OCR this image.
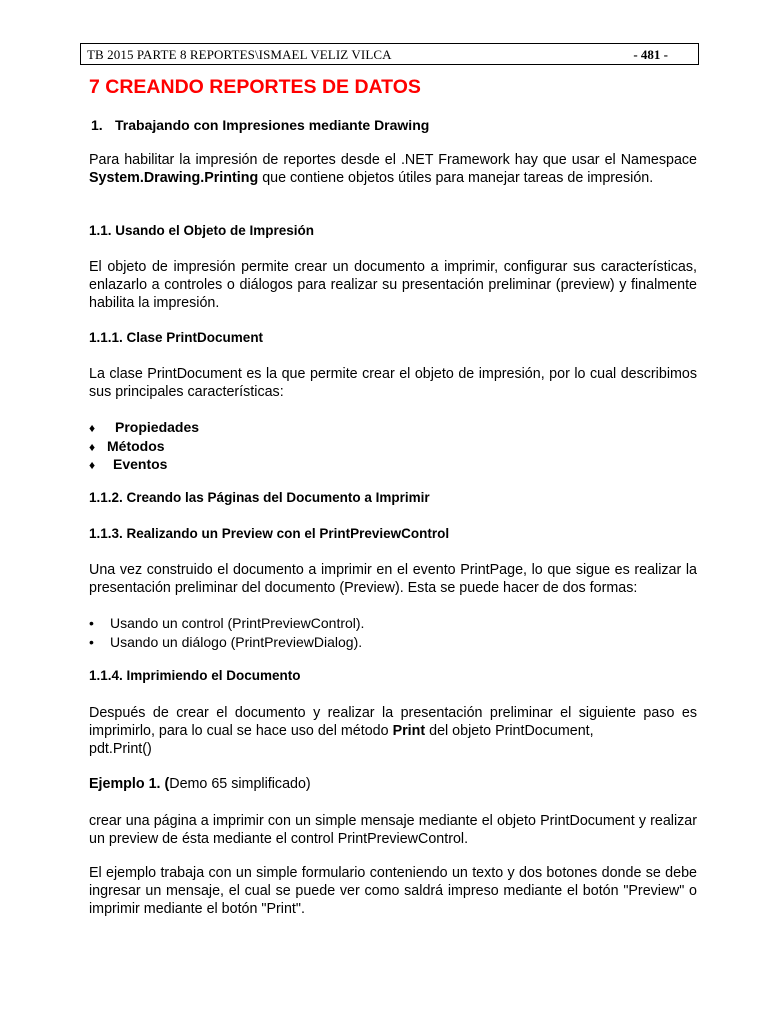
TB 2015 PARTE 8 REPORTES\ISMAEL VELIZ VILCA	- 481 -
7 CREANDO REPORTES DE DATOS
1. Trabajando con Impresiones mediante Drawing

Para habilitar la impresión de reportes desde el .NET Framework hay que usar el Namespace System.Drawing.Printing que contiene objetos útiles para manejar tareas de impresión.

1.1. Usando el Objeto de Impresión

El objeto de impresión permite crear un documento a imprimir, configurar sus características, enlazarlo a controles o diálogos para realizar su presentación preliminar (preview) y finalmente habilita la impresión.

1.1.1. Clase PrintDocument

La clase PrintDocument es la que permite crear el objeto de impresión, por lo cual describimos sus principales características:

♦ Propiedades
♦ Métodos
♦ Eventos
1.1.2. Creando las Páginas del Documento a Imprimir
1.1.3. Realizando un Preview con el PrintPreviewControl

Una vez construido el documento a imprimir en el evento PrintPage, lo que sigue es realizar la presentación preliminar del documento (Preview). Esta se puede hacer de dos formas:

• Usando un control (PrintPreviewControl).
• Usando un diálogo (PrintPreviewDialog).
1.1.4. Imprimiendo el Documento

Después de crear el documento y realizar la presentación preliminar el siguiente paso es imprimirlo, para lo cual se hace uso del método Print del objeto PrintDocument,
pdt.Print()

Ejemplo 1. (Demo 65 simplificado)

crear una página a imprimir con un simple mensaje mediante el objeto PrintDocument y realizar un preview de ésta mediante el control PrintPreviewControl.

El ejemplo trabaja con un simple formulario conteniendo un texto y dos botones donde se debe ingresar un mensaje, el cual se puede ver como saldrá impreso mediante el botón "Preview" o imprimir mediante el botón "Print".
